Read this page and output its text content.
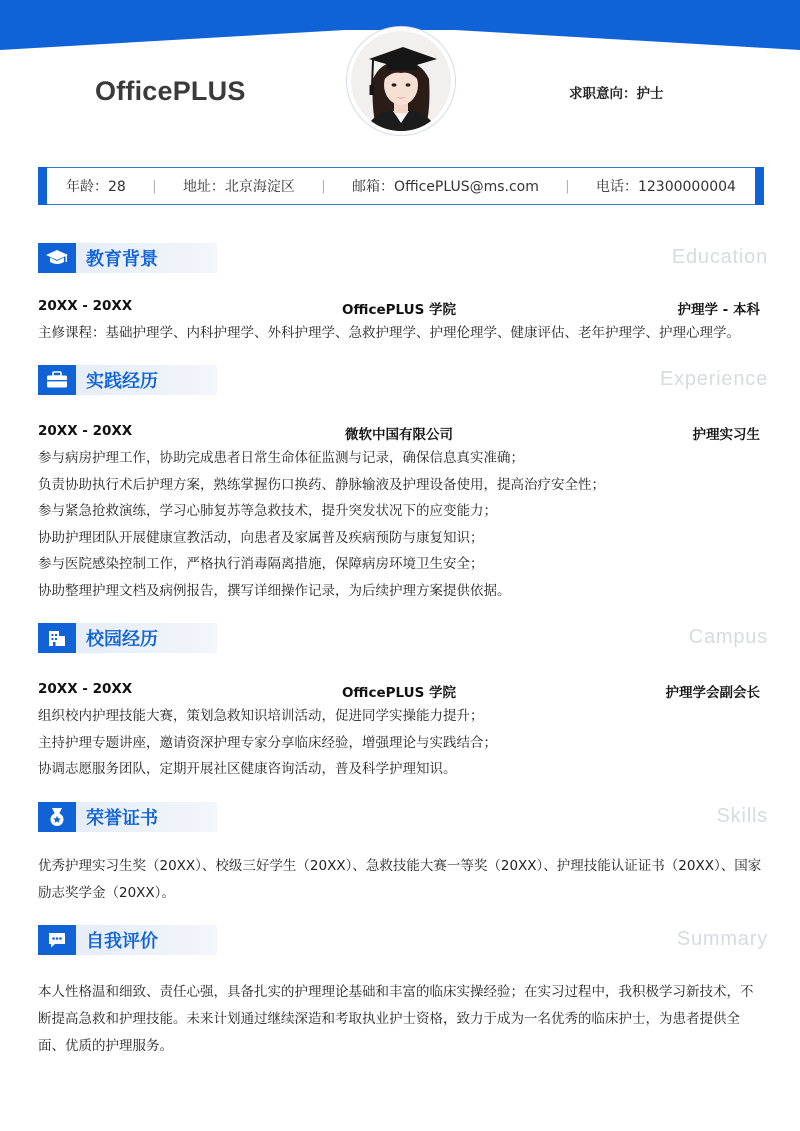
OfficePLUS	求职意向：护士
年龄：28 | 地址：北京海淀区 | 邮箱：OfficePLUS@ms.com | 电话：12300000004
教育背景	Education
20XX - 20XX	OfficePLUS 学院	护理学 - 本科
主修课程：基础护理学、内科护理学、外科护理学、急救护理学、护理伦理学、健康评估、老年护理学、护理心理学。
实践经历	Experience
20XX - 20XX	微软中国有限公司	护理实习生
参与病房护理工作，协助完成患者日常生命体征监测与记录，确保信息真实准确；
负责协助执行术后护理方案，熟练掌握伤口换药、静脉输液及护理设备使用，提高治疗安全性；
参与紧急抢救演练，学习心肺复苏等急救技术，提升突发状况下的应变能力；
协助护理团队开展健康宣教活动，向患者及家属普及疾病预防与康复知识；
参与医院感染控制工作，严格执行消毒隔离措施，保障病房环境卫生安全；
协助整理护理文档及病例报告，撰写详细操作记录，为后续护理方案提供依据。
校园经历	Campus
20XX - 20XX	OfficePLUS 学院	护理学会副会长
组织校内护理技能大赛，策划急救知识培训活动，促进同学实操能力提升；
主持护理专题讲座，邀请资深护理专家分享临床经验，增强理论与实践结合；
协调志愿服务团队，定期开展社区健康咨询活动，普及科学护理知识。
荣誉证书	Skills
优秀护理实习生奖（20XX）、校级三好学生（20XX）、急救技能大赛一等奖（20XX）、护理技能认证证书（20XX）、国家励志奖学金（20XX）。
自我评价	Summary
本人性格温和细致、责任心强，具备扎实的护理理论基础和丰富的临床实操经验；在实习过程中，我积极学习新技术，不断提高急救和护理技能。未来计划通过继续深造和考取执业护士资格，致力于成为一名优秀的临床护士，为患者提供全面、优质的护理服务。
